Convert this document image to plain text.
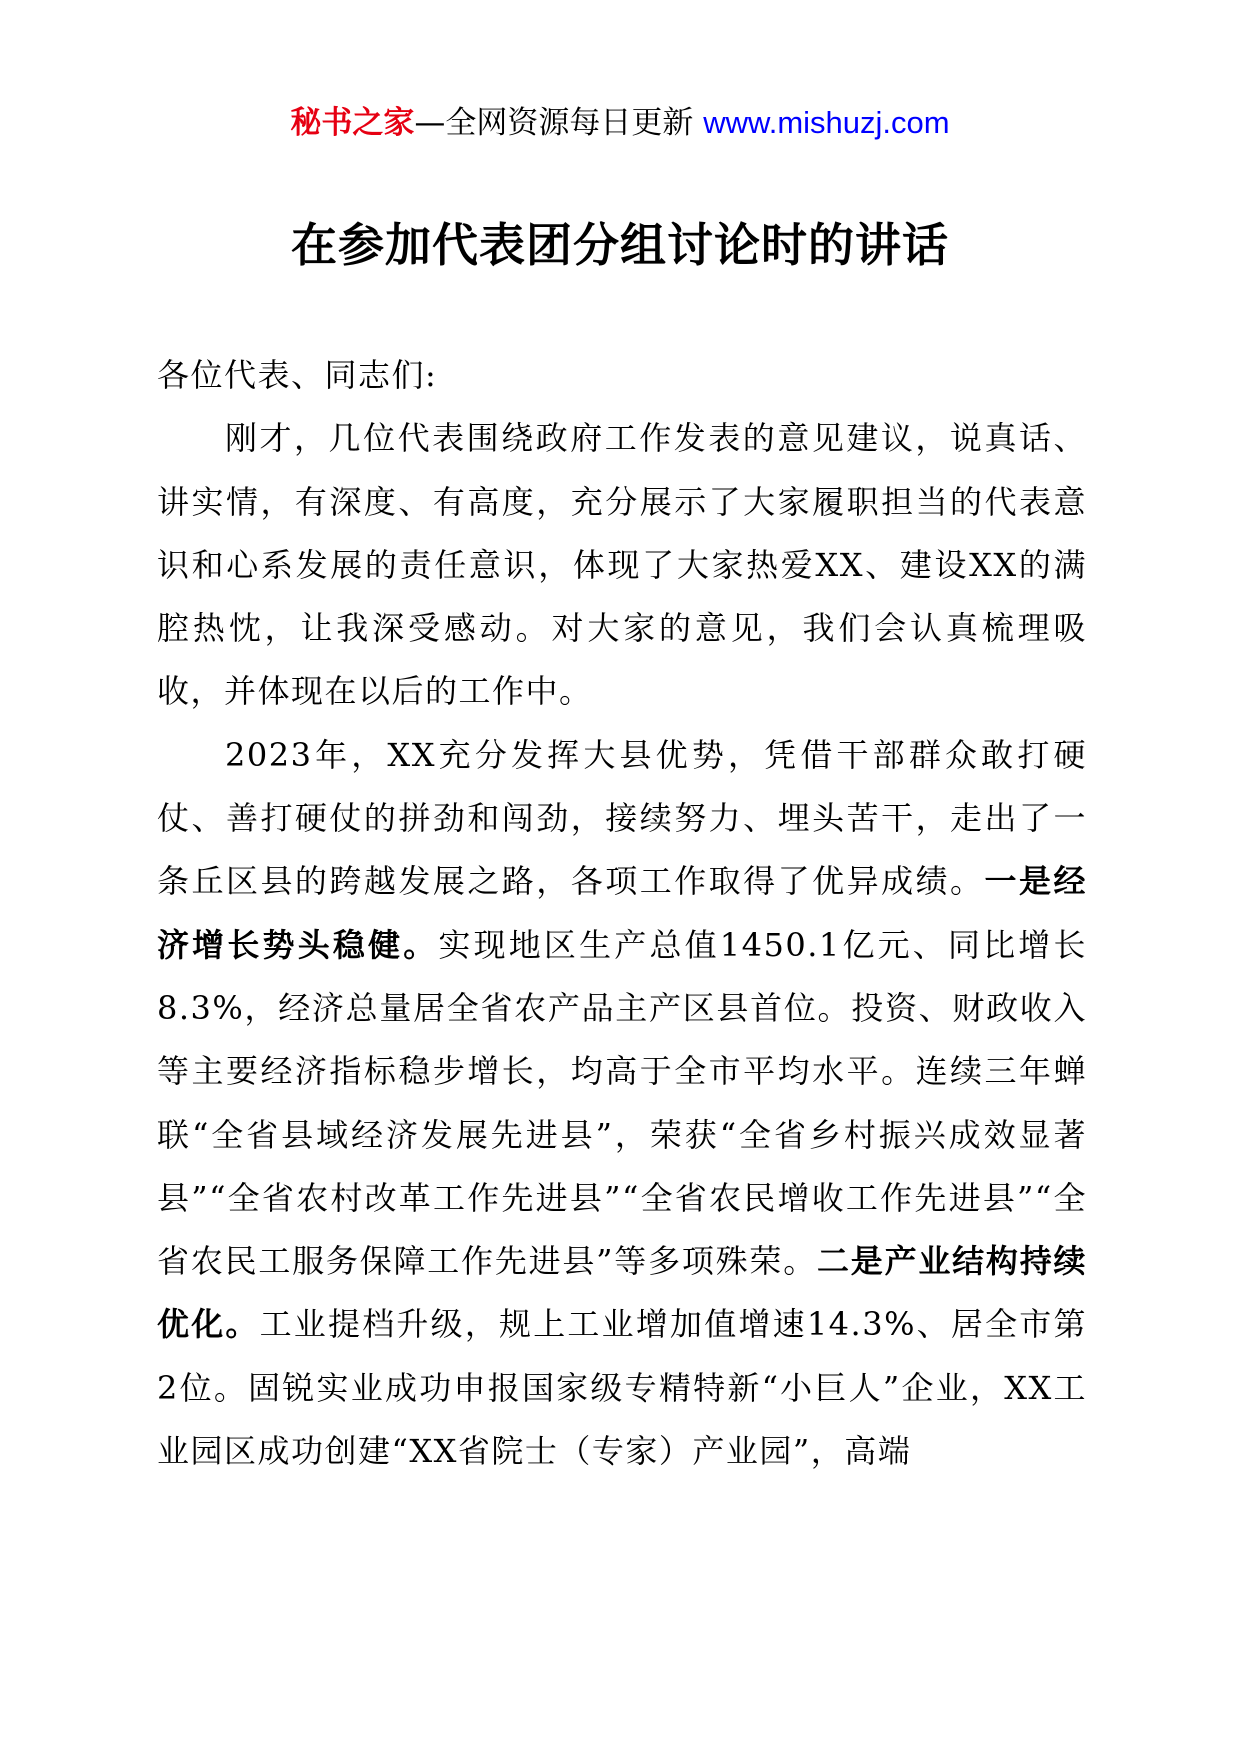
秘书之家—全网资源每日更新 www.mishuzj.com
在参加代表团分组讨论时的讲话

各位代表、同志们:

刚才，几位代表围绕政府工作发表的意见建议，说真话、讲实情，有深度、有高度，充分展示了大家履职担当的代表意识和心系发展的责任意识，体现了大家热爱XX、建设XX的满腔热忱，让我深受感动。对大家的意见，我们会认真梳理吸收，并体现在以后的工作中。

2023年，XX充分发挥大县优势，凭借干部群众敢打硬仗、善打硬仗的拼劲和闯劲，接续努力、埋头苦干，走出了一条丘区县的跨越发展之路，各项工作取得了优异成绩。一是经济增长势头稳健。实现地区生产总值1450.1亿元、同比增长8.3%，经济总量居全省农产品主产区县首位。投资、财政收入等主要经济指标稳步增长，均高于全市平均水平。连续三年蝉联“全省县域经济发展先进县”，荣获“全省乡村振兴成效显著县”“全省农村改革工作先进县”“全省农民增收工作先进县”“全省农民工服务保障工作先进县”等多项殊荣。二是产业结构持续优化。工业提档升级，规上工业增加值增速14.3%、居全市第2位。固锐实业成功申报国家级专精特新“小巨人”企业，XX工业园区成功创建“XX省院士（专家）产业园”，高端
